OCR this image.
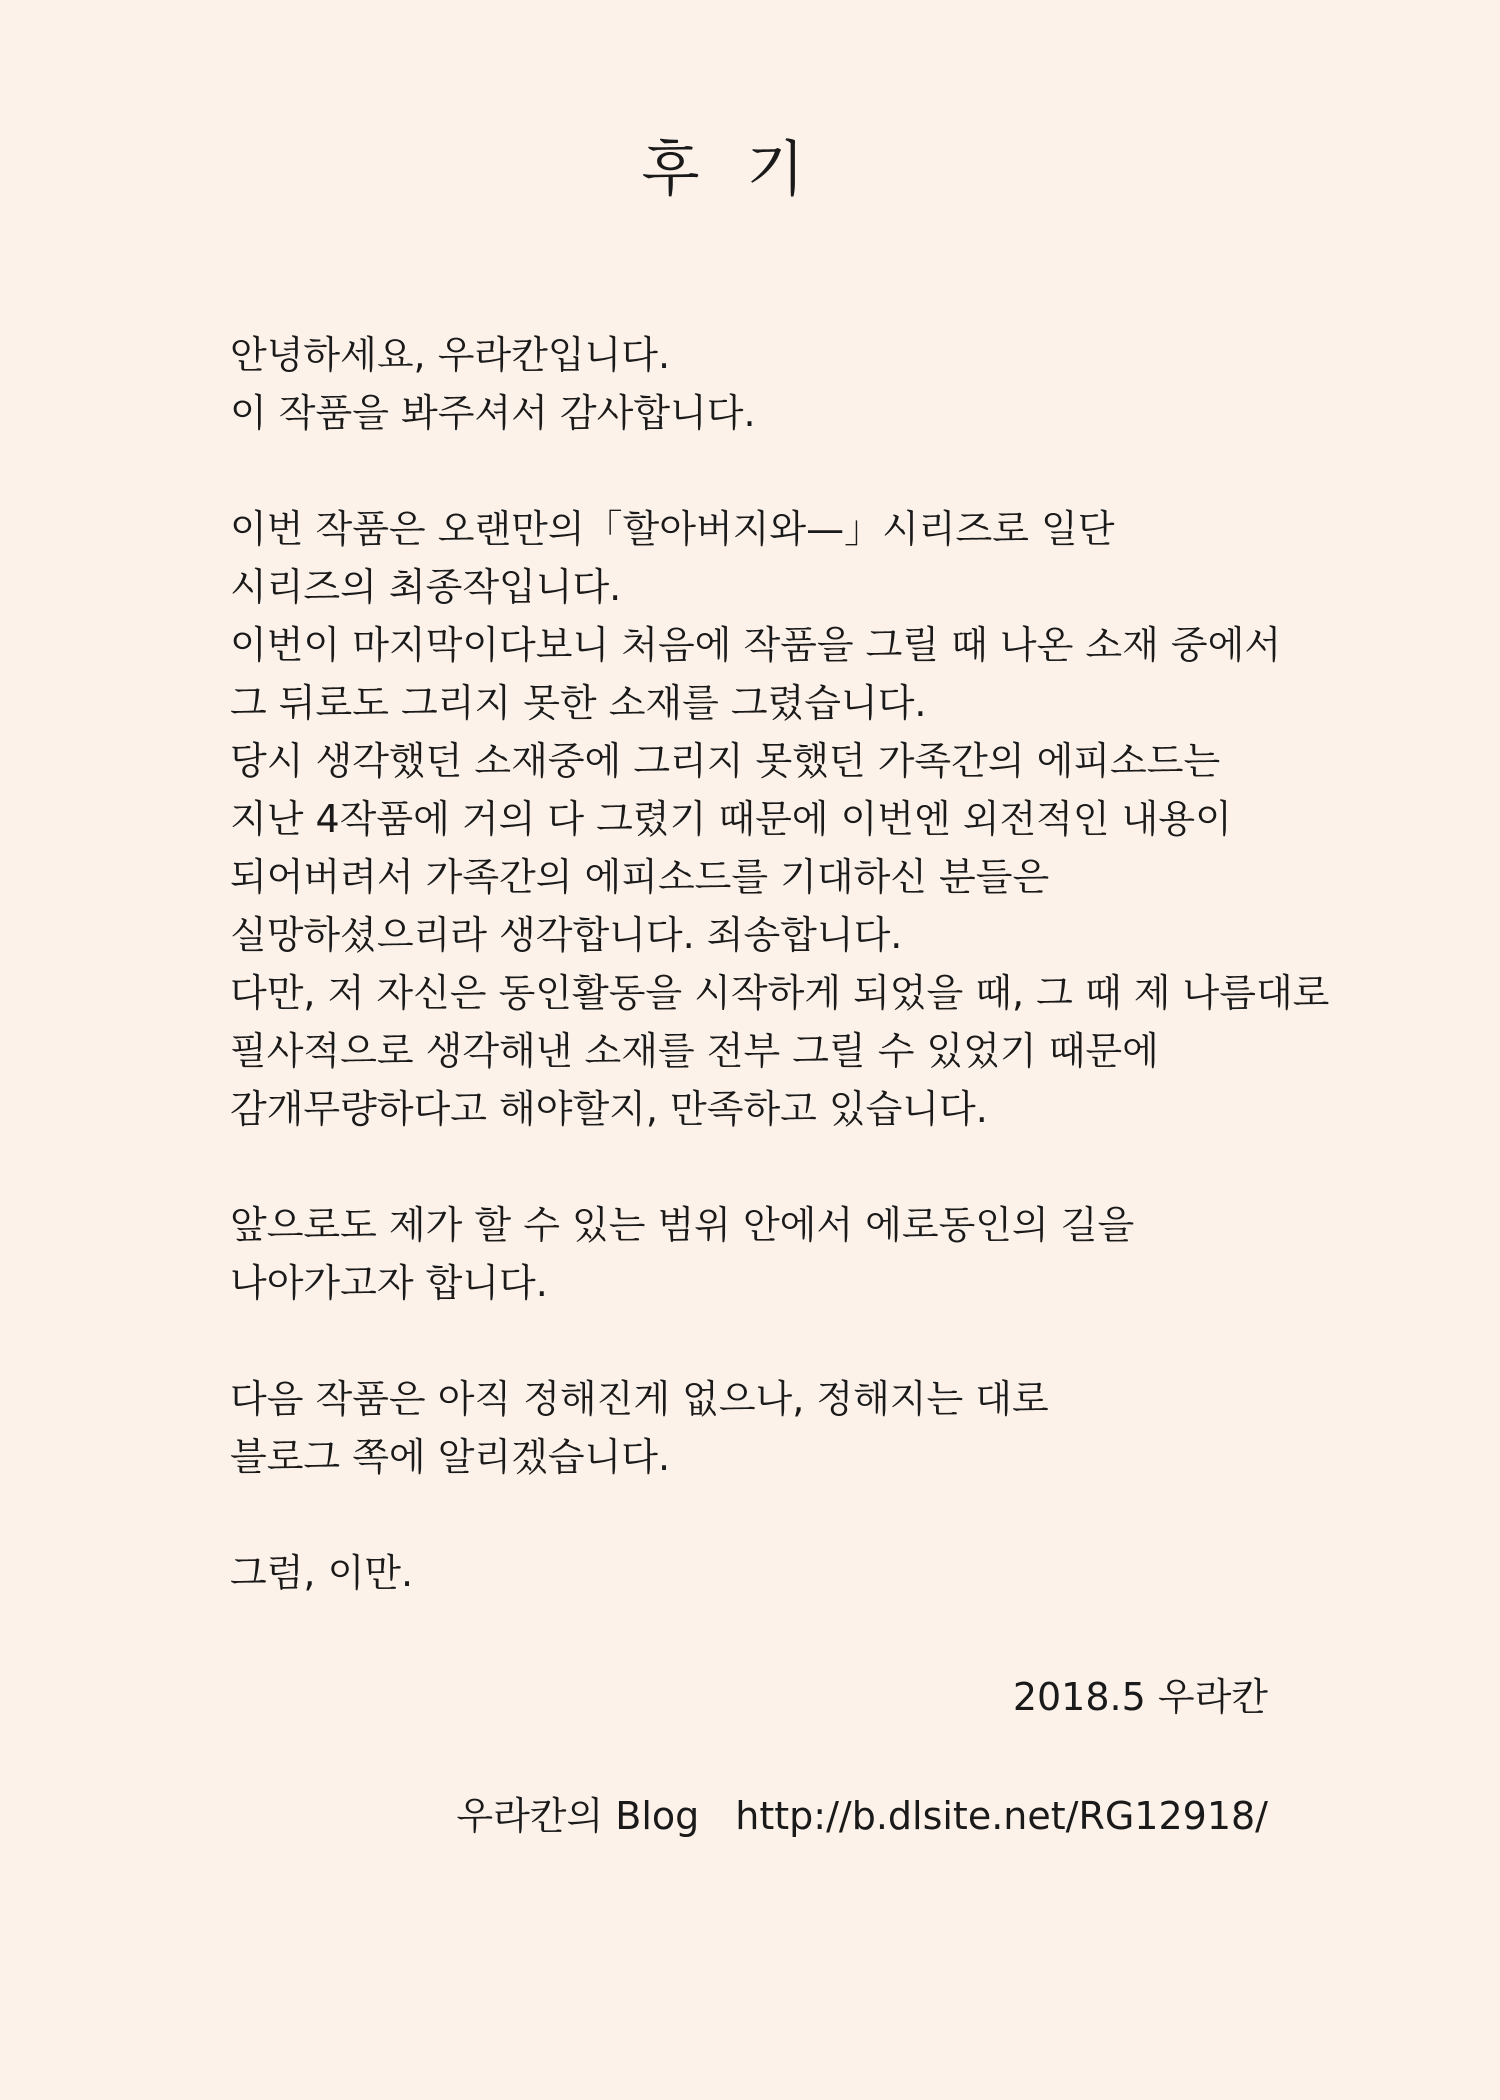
후 기
안녕하세요, 우라칸입니다.
이 작품을 봐주셔서 감사합니다.
이번 작품은 오랜만의「할아버지와—」시리즈로 일단
시리즈의 최종작입니다.
이번이 마지막이다보니 처음에 작품을 그릴 때 나온 소재 중에서
그 뒤로도 그리지 못한 소재를 그렸습니다.
당시 생각했던 소재중에 그리지 못했던 가족간의 에피소드는
지난 4작품에 거의 다 그렸기 때문에 이번엔 외전적인 내용이
되어버려서 가족간의 에피소드를 기대하신 분들은
실망하셨으리라 생각합니다. 죄송합니다.
다만, 저 자신은 동인활동을 시작하게 되었을 때, 그 때 제 나름대로
필사적으로 생각해낸 소재를 전부 그릴 수 있었기 때문에
감개무량하다고 해야할지, 만족하고 있습니다.
앞으로도 제가 할 수 있는 범위 안에서 에로동인의 길을
나아가고자 합니다.
다음 작품은 아직 정해진게 없으나, 정해지는 대로
블로그 쪽에 알리겠습니다.
그럼, 이만.
2018.5 우라칸
우라칸의 Blog http://b.dlsite.net/RG12918/
